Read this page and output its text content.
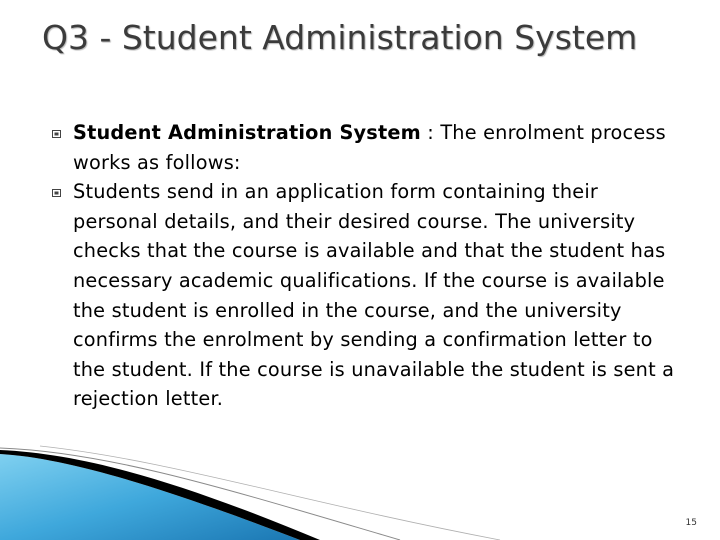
Q3 - Student Administration System
Student Administration System : The enrolment process works as follows:
Students send in an application form containing their personal details, and their desired course. The university checks that the course is available and that the student has necessary academic qualifications. If the course is available the student is enrolled in the course, and the university confirms the enrolment by sending a confirmation letter to the student. If the course is unavailable the student is sent a rejection letter.
15
